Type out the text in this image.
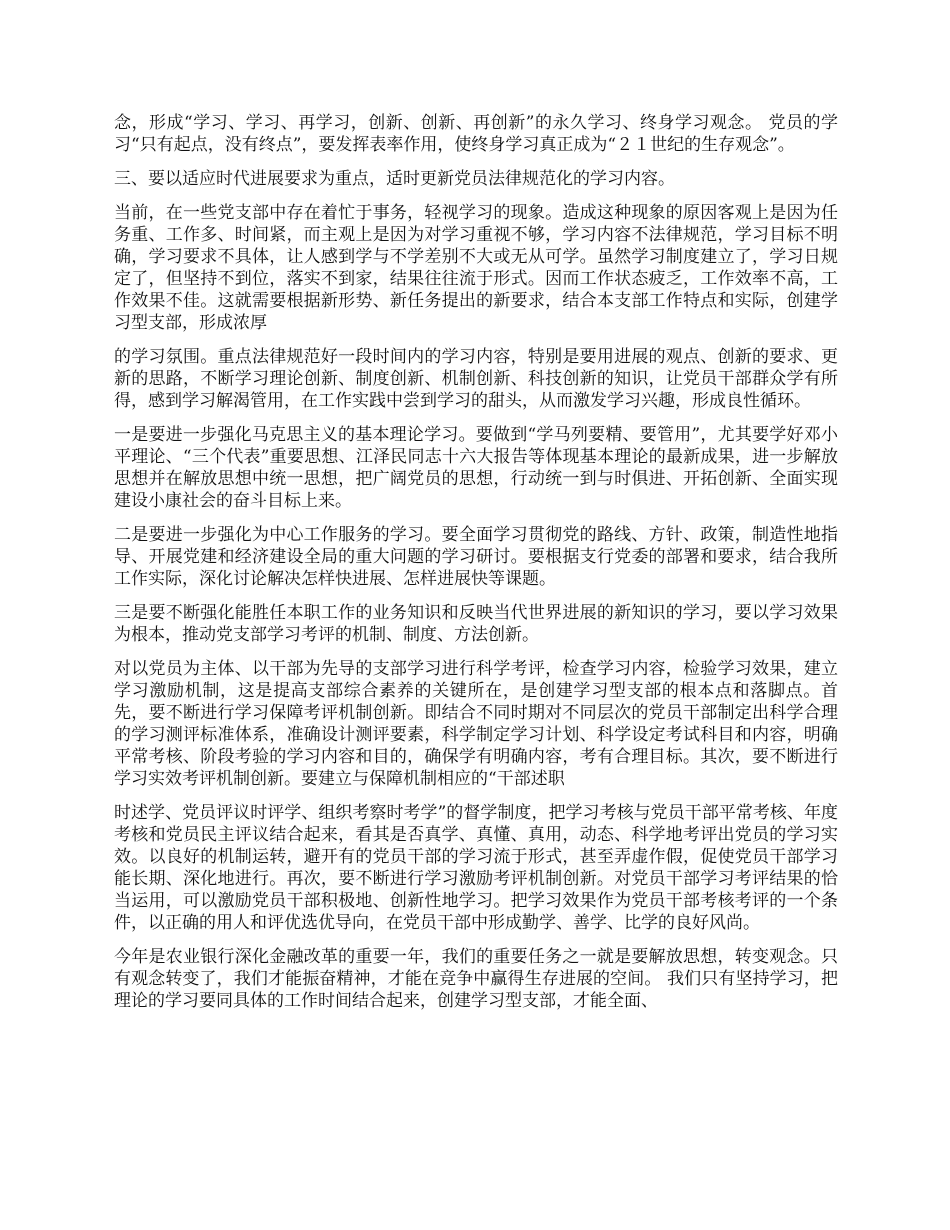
念，形成“学习、学习、再学习，创新、创新、再创新”的永久学习、终身学习观念。 党员的学习“只有起点，没有终点”，要发挥表率作用，使终身学习真正成为“２１世纪的生存观念”。

三、要以适应时代进展要求为重点，适时更新党员法律规范化的学习内容。

当前，在一些党支部中存在着忙于事务，轻视学习的现象。造成这种现象的原因客观上是因为任务重、工作多、时间紧，而主观上是因为对学习重视不够，学习内容不法律规范，学习目标不明确，学习要求不具体，让人感到学与不学差别不大或无从可学。虽然学习制度建立了，学习日规定了，但坚持不到位，落实不到家，结果往往流于形式。因而工作状态疲乏，工作效率不高，工作效果不佳。这就需要根据新形势、新任务提出的新要求，结合本支部工作特点和实际，创建学习型支部，形成浓厚

的学习氛围。重点法律规范好一段时间内的学习内容，特别是要用进展的观点、创新的要求、更新的思路，不断学习理论创新、制度创新、机制创新、科技创新的知识，让党员干部群众学有所得，感到学习解渴管用，在工作实践中尝到学习的甜头，从而激发学习兴趣，形成良性循环。

一是要进一步强化马克思主义的基本理论学习。要做到“学马列要精、要管用”，尤其要学好邓小平理论、“三个代表”重要思想、江泽民同志十六大报告等体现基本理论的最新成果，进一步解放思想并在解放思想中统一思想，把广阔党员的思想，行动统一到与时俱进、开拓创新、全面实现建设小康社会的奋斗目标上来。

二是要进一步强化为中心工作服务的学习。要全面学习贯彻党的路线、方针、政策，制造性地指导、开展党建和经济建设全局的重大问题的学习研讨。要根据支行党委的部署和要求，结合我所工作实际，深化讨论解决怎样快进展、怎样进展快等课题。

三是要不断强化能胜任本职工作的业务知识和反映当代世界进展的新知识的学习，要以学习效果为根本，推动党支部学习考评的机制、制度、方法创新。

对以党员为主体、以干部为先导的支部学习进行科学考评，检查学习内容，检验学习效果，建立学习激励机制，这是提高支部综合素养的关键所在，是创建学习型支部的根本点和落脚点。首先，要不断进行学习保障考评机制创新。即结合不同时期对不同层次的党员干部制定出科学合理的学习测评标准体系，准确设计测评要素，科学制定学习计划、科学设定考试科目和内容，明确平常考核、阶段考验的学习内容和目的，确保学有明确内容，考有合理目标。其次，要不断进行学习实效考评机制创新。要建立与保障机制相应的“干部述职

时述学、党员评议时评学、组织考察时考学”的督学制度，把学习考核与党员干部平常考核、年度考核和党员民主评议结合起来，看其是否真学、真懂、真用，动态、科学地考评出党员的学习实效。以良好的机制运转，避开有的党员干部的学习流于形式，甚至弄虚作假，促使党员干部学习能长期、深化地进行。再次，要不断进行学习激励考评机制创新。对党员干部学习考评结果的恰当运用，可以激励党员干部积极地、创新性地学习。把学习效果作为党员干部考核考评的一个条件，以正确的用人和评优选优导向，在党员干部中形成勤学、善学、比学的良好风尚。

今年是农业银行深化金融改革的重要一年，我们的重要任务之一就是要解放思想，转变观念。只有观念转变了，我们才能振奋精神，才能在竞争中赢得生存进展的空间。 我们只有坚持学习，把理论的学习要同具体的工作时间结合起来，创建学习型支部，才能全面、
